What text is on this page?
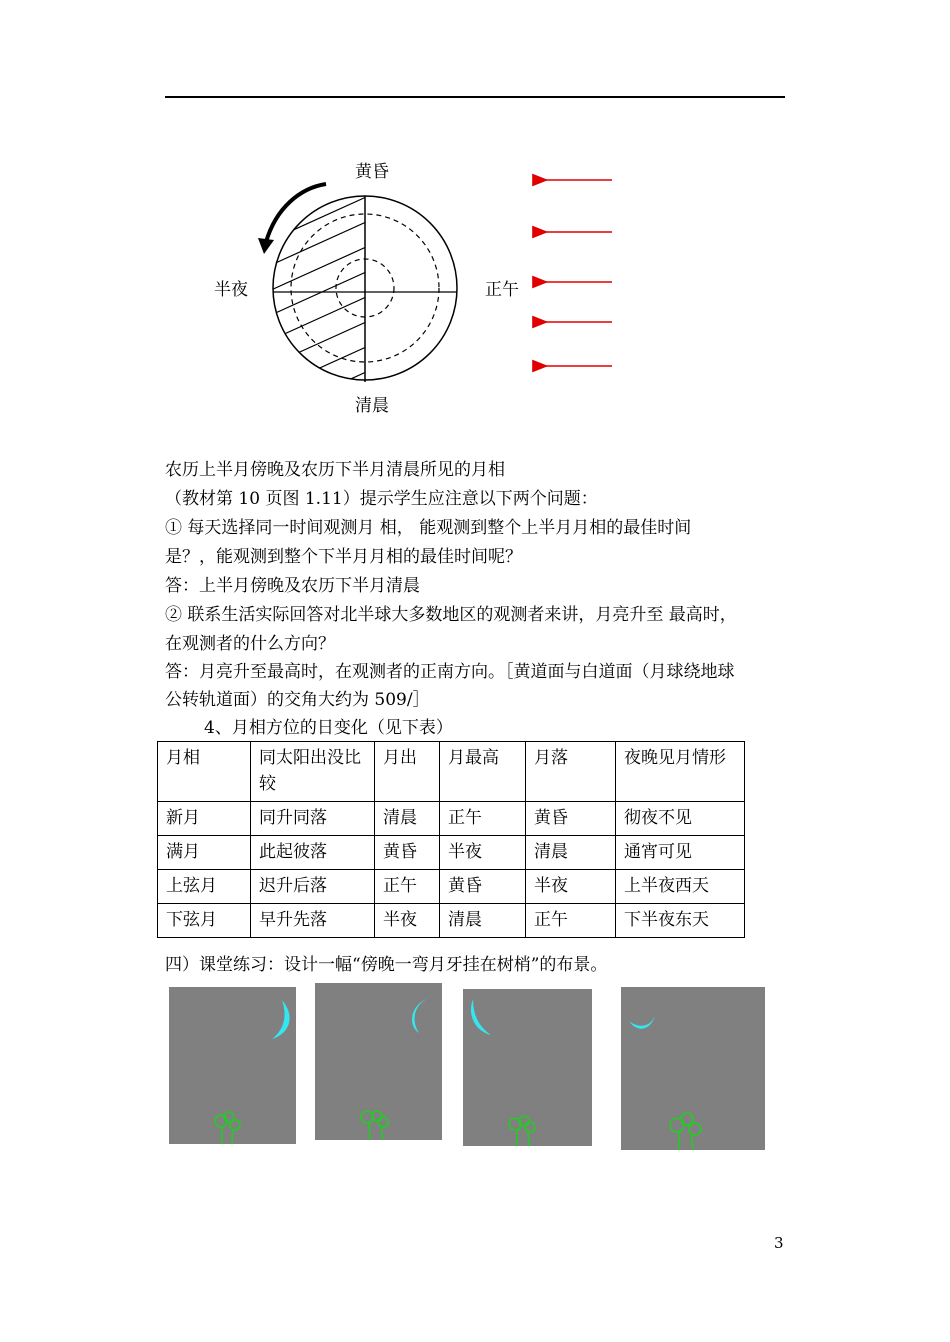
黄昏
半夜	正午
清晨
农历上半月傍晚及农历下半月清晨所见的月相
（教材第 10 页图 1.11）提示学生应注意以下两个问题：
① 每天选择同一时间观测月 相， 能观测到整个上半月月相的最佳时间
是？，能观测到整个下半月月相的最佳时间呢？
答：上半月傍晚及农历下半月清晨
② 联系生活实际回答对北半球大多数地区的观测者来讲，月亮升至 最高时，
在观测者的什么方向？
答：月亮升至最高时，在观测者的正南方向。［黄道面与白道面（月球绕地球
公转轨道面）的交角大约为 509/］
4、月相方位的日变化（见下表）
月相	同太阳出没比较	月出	月最高	月落	夜晚见月情形
新月	同升同落	清晨	正午	黄昏	彻夜不见
满月	此起彼落	黄昏	半夜	清晨	通宵可见
上弦月	迟升后落	正午	黄昏	半夜	上半夜西天
下弦月	早升先落	半夜	清晨	正午	下半夜东天
四）课堂练习：设计一幅“傍晚一弯月牙挂在树梢”的布景。
3
